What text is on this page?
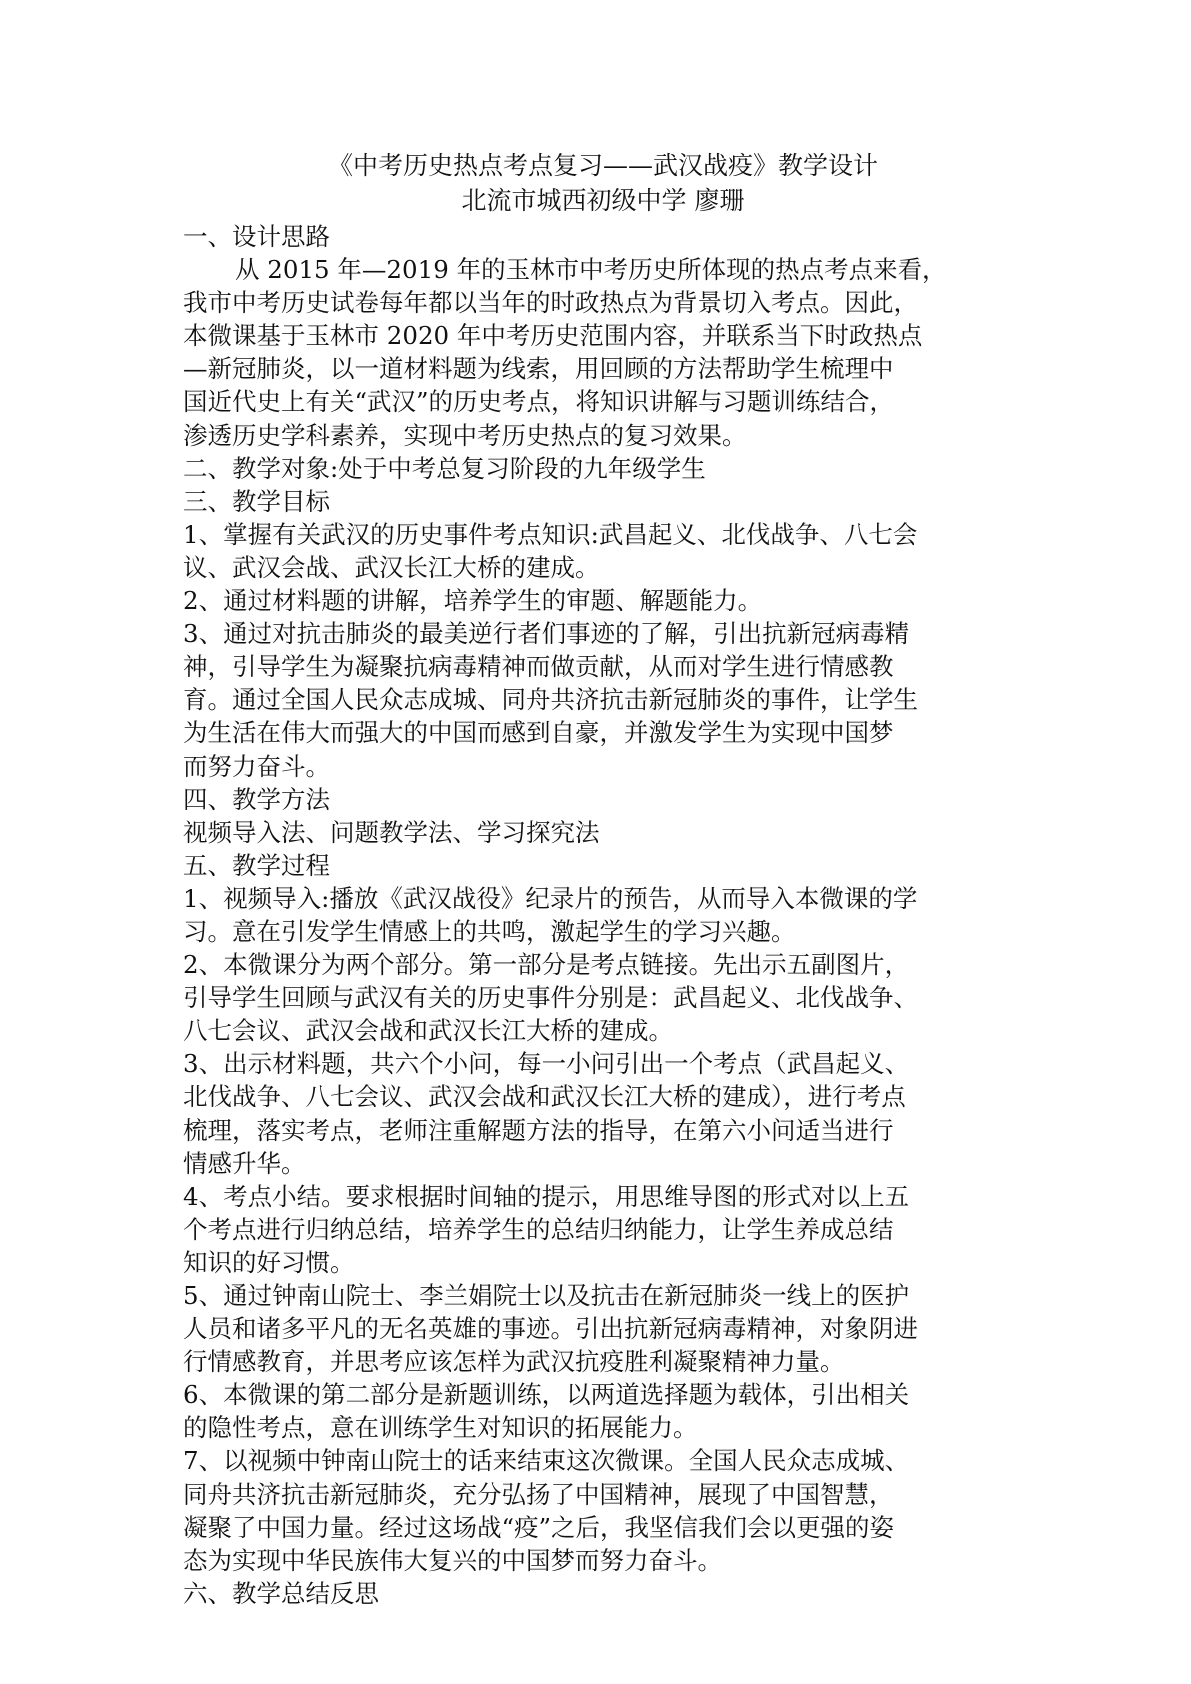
《中考历史热点考点复习——武汉战疫》教学设计

北流市城西初级中学 廖珊

一、设计思路

从 2015 年—2019 年的玉林市中考历史所体现的热点考点来看，

我市中考历史试卷每年都以当年的时政热点为背景切入考点。因此，

本微课基于玉林市 2020 年中考历史范围内容，并联系当下时政热点

—新冠肺炎，以一道材料题为线索，用回顾的方法帮助学生梳理中

国近代史上有关“武汉”的历史考点，将知识讲解与习题训练结合，

渗透历史学科素养，实现中考历史热点的复习效果。

二、教学对象:处于中考总复习阶段的九年级学生

三、教学目标

1、掌握有关武汉的历史事件考点知识:武昌起义、北伐战争、八七会

议、武汉会战、武汉长江大桥的建成。

2、通过材料题的讲解，培养学生的审题、解题能力。

3、通过对抗击肺炎的最美逆行者们事迹的了解，引出抗新冠病毒精

神，引导学生为凝聚抗病毒精神而做贡献，从而对学生进行情感教

育。通过全国人民众志成城、同舟共济抗击新冠肺炎的事件，让学生

为生活在伟大而强大的中国而感到自豪，并激发学生为实现中国梦

而努力奋斗。

四、教学方法

视频导入法、问题教学法、学习探究法

五、教学过程

1、视频导入:播放《武汉战役》纪录片的预告，从而导入本微课的学

习。意在引发学生情感上的共鸣，激起学生的学习兴趣。

2、本微课分为两个部分。第一部分是考点链接。先出示五副图片，

引导学生回顾与武汉有关的历史事件分别是：武昌起义、北伐战争、

八七会议、武汉会战和武汉长江大桥的建成。

3、出示材料题，共六个小问，每一小问引出一个考点（武昌起义、

北伐战争、八七会议、武汉会战和武汉长江大桥的建成），进行考点

梳理，落实考点，老师注重解题方法的指导，在第六小问适当进行

情感升华。

4、考点小结。要求根据时间轴的提示，用思维导图的形式对以上五

个考点进行归纳总结，培养学生的总结归纳能力，让学生养成总结

知识的好习惯。

5、通过钟南山院士、李兰娟院士以及抗击在新冠肺炎一线上的医护

人员和诸多平凡的无名英雄的事迹。引出抗新冠病毒精神，对象阴进

行情感教育，并思考应该怎样为武汉抗疫胜利凝聚精神力量。

6、本微课的第二部分是新题训练，以两道选择题为载体，引出相关

的隐性考点，意在训练学生对知识的拓展能力。

7、以视频中钟南山院士的话来结束这次微课。全国人民众志成城、

同舟共济抗击新冠肺炎，充分弘扬了中国精神，展现了中国智慧，

凝聚了中国力量。经过这场战“疫”之后，我坚信我们会以更强的姿

态为实现中华民族伟大复兴的中国梦而努力奋斗。

六、教学总结反思
